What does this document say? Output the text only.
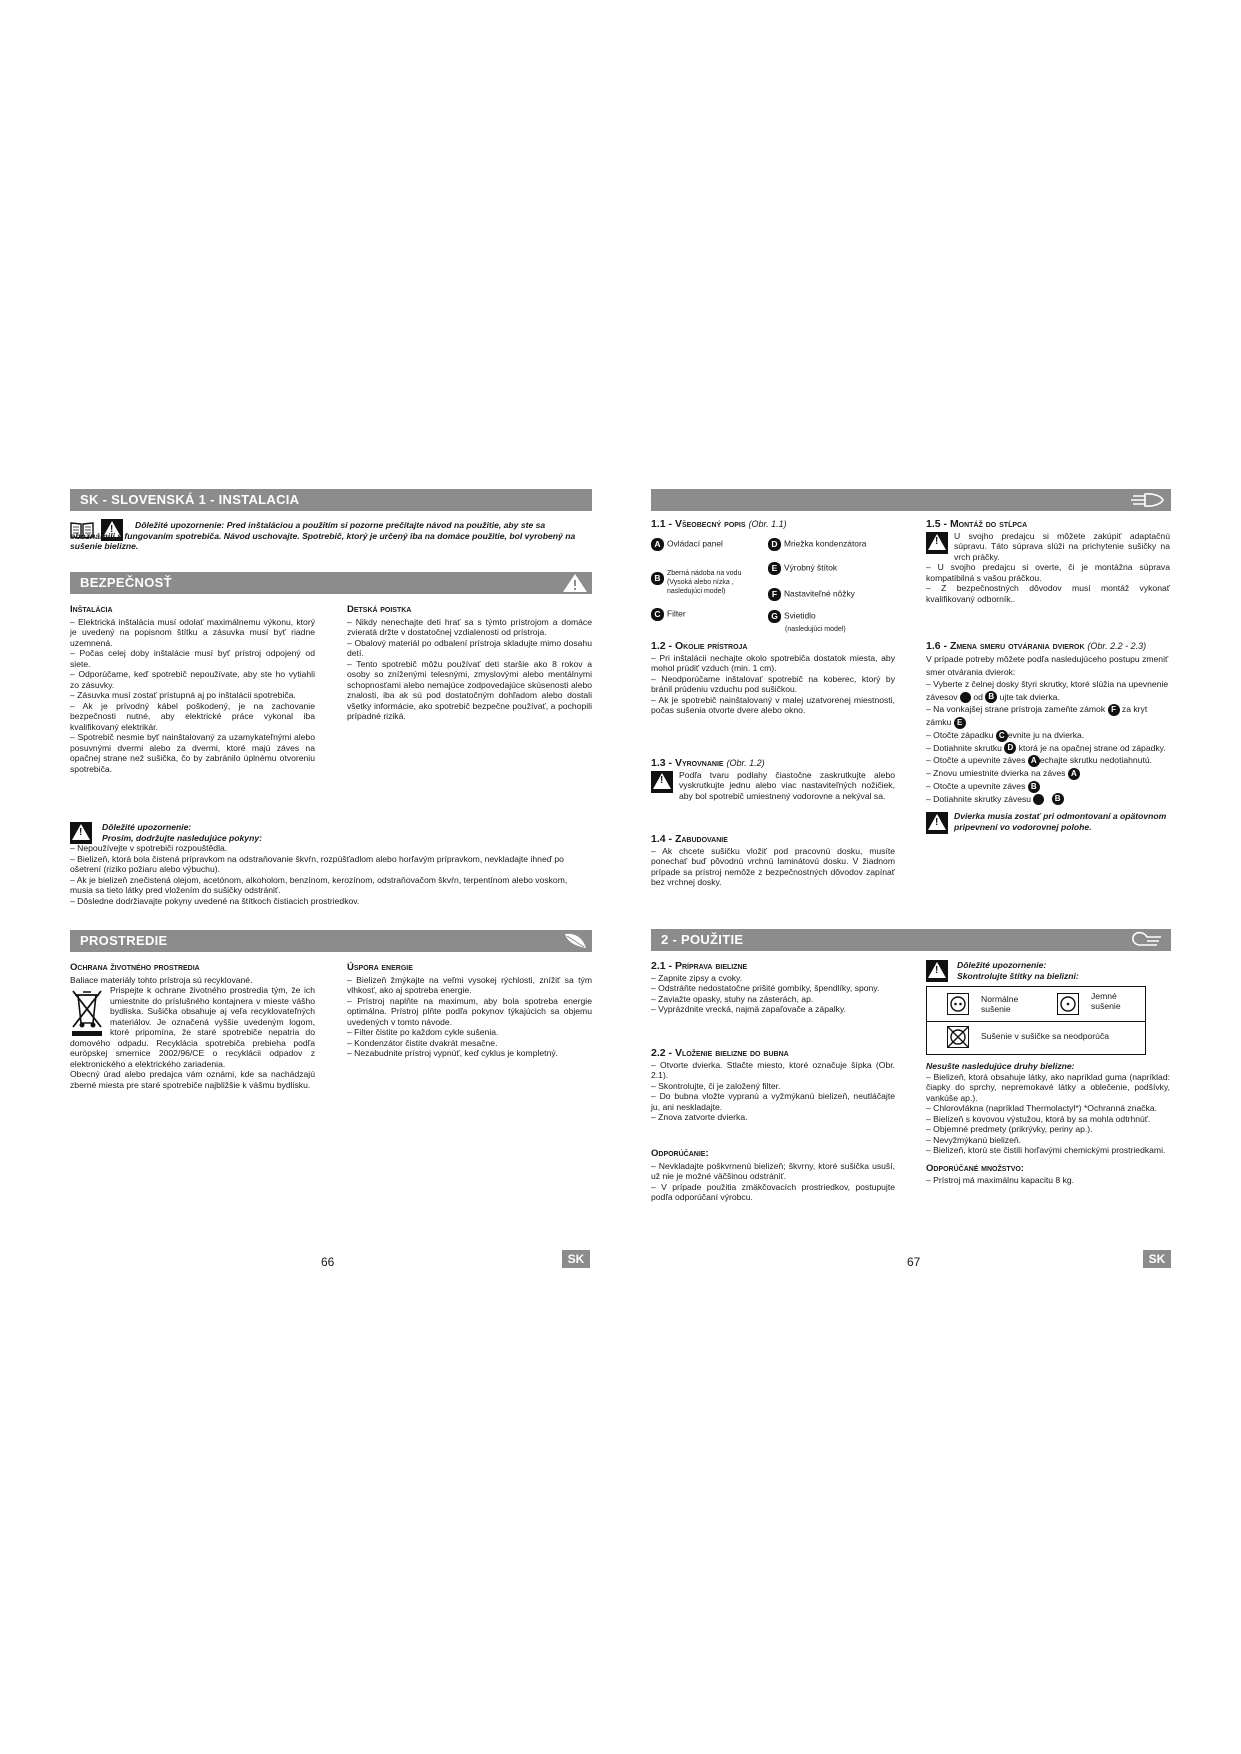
SK - SLOVENSKÁ 1 - INSTALACIA
!
Dôležité upozornenie: Pred inštaláciou a použitím si pozorne prečítajte návod na použitie, aby ste sa oboznámili s fungovaním spotrebiča. Návod uschovajte. Spotrebič, ktorý je určený iba na domáce použitie, bol vyrobený na sušenie bielizne.
BEZPEČNOSŤ
Inštalácia

– Elektrická inštalácia musí odolať maximálnemu výkonu, ktorý je uvedený na popisnom štítku a zásuvka musí byť riadne uzemnená.

– Počas celej doby inštalácie musí byť prístroj odpojený od siete.

– Odporúčame, keď spotrebič nepoužívate, aby ste ho vytiahli zo zásuvky.

– Zásuvka musí zostať prístupná aj po inštalácii spotrebiča.

– Ak je prívodný kábel poškodený, je na zachovanie bezpečnosti nutné, aby elektrické práce vykonal iba kvalifikovaný elektrikár.

– Spotrebič nesmie byť nainštalovaný za uzamykateľnými alebo posuvnými dvermi alebo za dvermi, ktoré majú záves na opačnej strane než sušička, čo by zabránilo úplnému otvoreniu spotrebiča.

Detská poistka

– Nikdy nenechajte deti hrať sa s týmto prístrojom a domáce zvieratá držte v dostatočnej vzdialenosti od prístroja.

– Obalový materiál po odbalení prístroja skladujte mimo dosahu detí.

– Tento spotrebič môžu používať deti staršie ako 8 rokov a osoby so zníženými telesnými, zmyslovými alebo mentálnymi schopnosťami alebo nemajúce zodpovedajúce skúsenosti alebo znalosti, iba ak sú pod dostatočným dohľadom alebo dostali všetky informácie, ako spotrebič bezpečne používať, a pochopili prípadné riziká.

!

Dôležité upozornenie:

Prosím, dodržujte nasledujúce pokyny:

– Nepoužívejte v spotrebiči rozpouštědla.

– Bielizeň, ktorá bola čistená prípravkom na odstraňovanie škvŕn, rozpúšťadlom alebo horľavým prípravkom, nevkladajte ihneď po ošetrení (riziko požiaru alebo výbuchu).

– Ak je bielizeň znečistená olejom, acetónom, alkoholom, benzínom, kerozínom, odstraňovačom škvŕn, terpentínom alebo voskom, musia sa tieto látky pred vložením do sušičky odstrániť.

– Dôsledne dodržiavajte pokyny uvedené na štítkoch čistiacich prostriedkov.

PROSTREDIE
Ochrana životného prostredia

Baliace materiály tohto prístroja sú recyklované.

Prispejte k ochrane životného prostredia tým, že ich umiestnite do príslušného kontajnera v mieste vášho bydliska. Sušička obsahuje aj veľa recyklovateľných materiálov. Je označená vyššie uvedeným logom, ktoré pripomína, že staré spotrebiče nepatria do domového odpadu. Recyklácia spotrebiča prebieha podľa európskej smernice 2002/96/CE o recyklácii odpadov z elektronického a elektrického zariadenia.

Obecný úrad alebo predajca vám oznámi, kde sa nachádzajú zberné miesta pre staré spotrebiče najbližšie k vášmu bydlisku.

Úspora energie

– Bielizeň žmýkajte na veľmi vysokej rýchlosti, znížiť sa tým vlhkosť, ako aj spotreba energie.

– Prístroj naplňte na maximum, aby bola spotreba energie optimálna. Prístroj plňte podľa pokynov týkajúcich sa objemu uvedených v tomto návode.

– Filter čistite po každom cykle sušenia.

– Kondenzátor čistite dvakrát mesačne.

– Nezabudnite prístroj vypnúť, keď cyklus je kompletný.

66	SK
1.1 - Všeobecný popis (Obr. 1.1)
A Ovládací panel
B Zberná nádoba na vodu
(Vysoká alebo nízka , nasledujúci model)
C Filter
D Mriežka kondenzátora
E Výrobný štítok
F Nastaviteľné nôžky
G Svietidlo
(nasledujúci model)
1.2 - Okolie prístroja

– Pri inštalácii nechajte okolo spotrebiča dostatok miesta, aby mohol prúdiť vzduch (min. 1 cm).

– Neodporúčame inštalovať spotrebič na koberec, ktorý by bránil prúdeniu vzduchu pod sušičkou.

– Ak je spotrebič nainštalovaný v malej uzatvorenej miestnosti, počas sušenia otvorte dvere alebo okno.

1.3 - Vyrovnanie (Obr. 1.2)
!

Podľa tvaru podlahy čiastočne zaskrutkujte alebo vyskrutkujte jednu alebo viac nastaviteľných nožičiek, aby bol spotrebič umiestnený vodorovne a nekýval sa.

1.4 - Zabudovanie

– Ak chcete sušičku vložiť pod pracovnú dosku, musíte ponechať buď pôvodnú vrchnú laminátovú dosku. V žiadnom prípade sa prístroj nemôže z bezpečnostných dôvodov zapínať bez vrchnej dosky.

1.5 - Montáž do stĺpca
!

U svojho predajcu si môžete zakúpiť adaptačnú súpravu. Táto súprava slúži na prichytenie sušičky na vrch práčky.

– U svojho predajcu si overte, či je montážna súprava kompatibilná s vašou práčkou.

– Z bezpečnostných dôvodov musí montáž vykonať kvalifikovaný odborník..

1.6 - Zmena smeru otvárania dvierok (Obr. 2.2 - 2.3)

V prípade potreby môžete podľa nasledujúceho postupu zmeniť smer otvárania dvierok:

– Vyberte z čelnej dosky štyri skrutky, ktoré slúžia na upevnenie závesov od B ujte tak dvierka.

– Na vonkajšej strane prístroja zameňte zámok F za kryt zámku E

– Otočte západku C evnite ju na dvierka.

– Dotiahnite skrutku D ktorá je na opačnej strane od západky.

– Otočte a upevnite záves A echajte skrutku nedotiahnutú.

– Znovu umiestnite dvierka na záves A

– Otočte a upevnite záves B

– Dotiahnite skrutky závesu	B

!

Dvierka musia zostať pri odmontovaní a opätovnom pripevnení vo vodorovnej polohe.

2 - POUŽITIE
2.1 - Príprava bielizne

– Zapnite zipsy a cvoky.

– Odstráňte nedostatočne prišité gombíky, špendlíky, spony.

– Zaviažte opasky, stuhy na zásterách, ap.

– Vyprázdnite vrecká, najmä zapaľovače a zápalky.

2.2 - Vloženie bielizne do bubna

– Otvorte dvierka. Stlačte miesto, ktoré označuje šípka (Obr. 2.1).

– Skontrolujte, či je založený filter.

– Do bubna vložte vypranú a vyžmýkanú bielizeň, neutláčajte ju, ani neskladajte.

– Znova zatvorte dvierka.

Odporúčanie:

– Nevkladajte poškvrnenú bielizeň; škvrny, ktoré sušička usuší, už nie je možné väčšinou odstrániť.

– V prípade použitia zmäkčovacích prostriedkov, postupujte podľa odporúčaní výrobcu.

!

Dôležité upozornenie:

Skontrolujte štítky na bielizni:

Normálne sušenie
Jemné sušenie
Sušenie v sušičke sa neodporúča

Nesušte nasledujúce druhy bielizne:

– Bielizeň, ktorá obsahuje látky, ako napríklad guma (napríklad: čiapky do sprchy, nepremokavé látky a oblečenie, podšívky, vankúše ap.).

– Chlorovlákna (napríklad Thermolactyl*) *Ochranná značka.

– Bielizeň s kovovou výstužou, ktorá by sa mohla odtrhnúť.

– Objemné predmety (prikrývky, periny ap.).

– Nevyžmýkanú bielizeň.

– Bielizeň, ktorú ste čistili horľavými chemickými prostriedkami.

Odporúčané množstvo:

– Prístroj má maximálnu kapacitu 8 kg.

67	SK
